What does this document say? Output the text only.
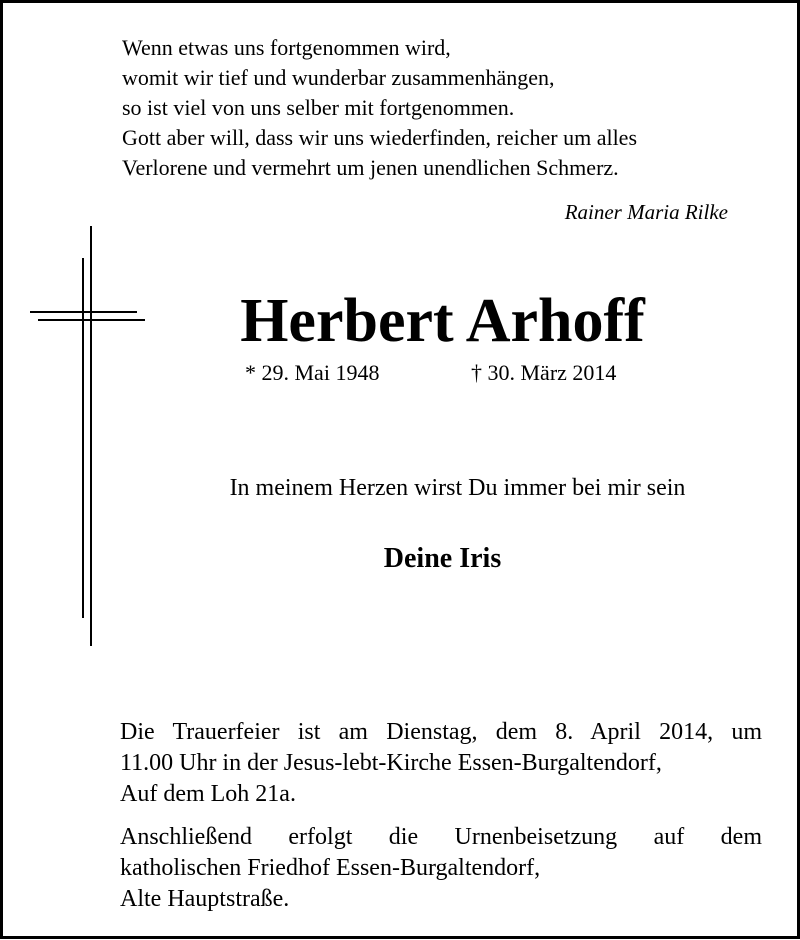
Wenn etwas uns fortgenommen wird,
womit wir tief und wunderbar zusammenhängen,
so ist viel von uns selber mit fortgenommen.
Gott aber will, dass wir uns wiederfinden, reicher um alles
Verlorene und vermehrt um jenen unendlichen Schmerz.
Rainer Maria Rilke
Herbert Arhoff
* 29. Mai 1948	† 30. März 2014
In meinem Herzen wirst Du immer bei mir sein
Deine Iris
Die Trauerfeier ist am Dienstag, dem 8. April 2014, um
11.00 Uhr in der Jesus-lebt-Kirche Essen-Burgaltendorf,
Auf dem Loh 21a.
Anschließend erfolgt die Urnenbeisetzung auf dem
katholischen Friedhof Essen-Burgaltendorf,
Alte Hauptstraße.
